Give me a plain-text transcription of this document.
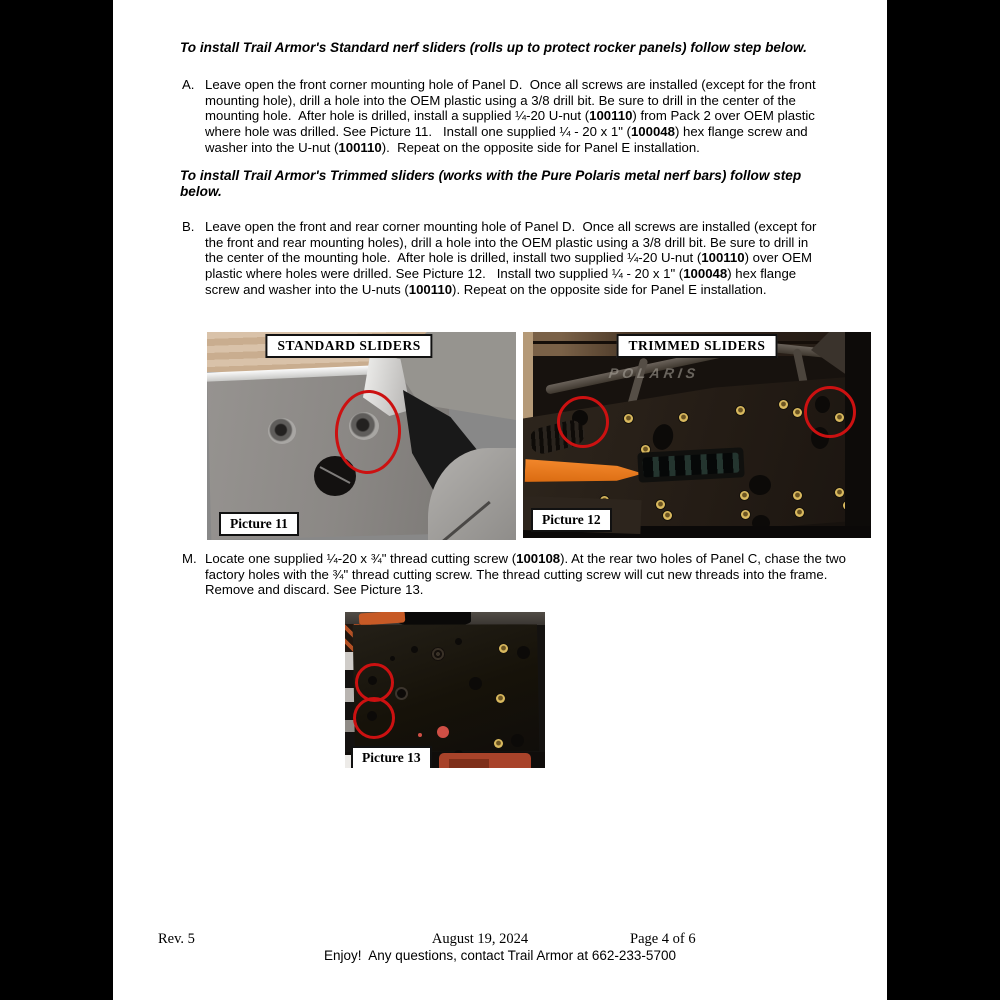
To install Trail Armor's Standard nerf sliders (rolls up to protect rocker panels) follow step below.
A. Leave open the front corner mounting hole of Panel D.  Once all screws are installed (except for the front mounting hole), drill a hole into the OEM plastic using a 3/8 drill bit. Be sure to drill in the center of the mounting hole.  After hole is drilled, install a supplied ¼-20 U-nut (100110) from Pack 2 over OEM plastic where hole was drilled. See Picture 11.   Install one supplied ¼ - 20 x 1" (100048) hex flange screw and washer into the U-nut (100110).  Repeat on the opposite side for Panel E installation.
To install Trail Armor's Trimmed sliders (works with the Pure Polaris metal nerf bars) follow step below.
B. Leave open the front and rear corner mounting hole of Panel D.  Once all screws are installed (except for the front and rear mounting holes), drill a hole into the OEM plastic using a 3/8 drill bit. Be sure to drill in the center of the mounting hole.  After hole is drilled, install two supplied ¼-20 U-nut (100110) over OEM plastic where holes were drilled. See Picture 12.   Install two supplied ¼ - 20 x 1" (100048) hex flange screw and washer into the U-nuts (100110). Repeat on the opposite side for Panel E installation.
STANDARD SLIDERS
Picture 11
POLARIS
TRIMMED SLIDERS
Picture 12
M. Locate one supplied ¼-20 x ¾" thread cutting screw (100108). At the rear two holes of Panel C, chase the two factory holes with the ¾" thread cutting screw. The thread cutting screw will cut new threads into the frame. Remove and discard. See Picture 13.
Picture 13
Rev. 5	August 19, 2024	Page 4 of 6
Enjoy!  Any questions, contact Trail Armor at 662-233-5700
